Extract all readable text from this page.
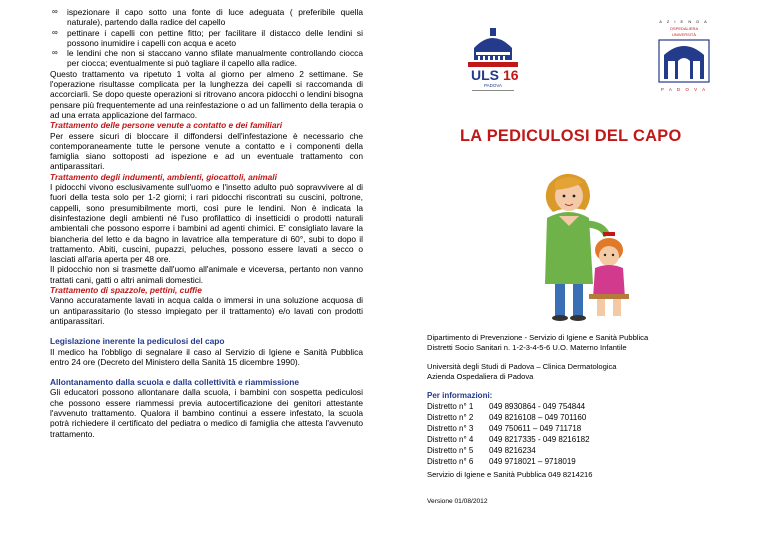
∞ ispezionare il capo sotto una fonte di luce adeguata ( preferibile quella naturale), partendo dalla radice del capello
∞ pettinare i capelli con pettine fitto; per facilitare il distacco delle lendini si possono inumidire i capelli con acqua e aceto
∞ le lendini che non si staccano vanno sfilate manualmente controllando ciocca per ciocca; eventualmente si può tagliare il capello alla radice.

Questo trattamento va ripetuto 1 volta al giorno per almeno 2 settimane. Se l'operazione risultasse complicata per la lunghezza dei capelli si raccomanda di accorciarli. Se dopo queste operazioni si ritrovano ancora pidocchi o lendini bisogna pensare più frequentemente ad una reinfestazione o ad un fallimento della terapia o ad una errata applicazione del farmaco.

Trattamento delle persone venute a contatto e dei familiari

Per essere sicuri di bloccare il diffondersi dell'infestazione è necessario che contemporaneamente tutte le persone venute a contatto e i componenti della famiglia siano sottoposti ad ispezione e ad un eventuale trattamento con antiparassitari.

Trattamento degli indumenti, ambienti, giocattoli, animali

I pidocchi vivono esclusivamente sull'uomo e l'insetto adulto può sopravvivere al di fuori della testa solo per 1-2 giorni; i rari pidocchi riscontrati su cuscini, poltrone, cappelli, sono presumibilmente morti, così pure le lendini. Non è indicata la disinfestazione degli ambienti né l'uso profilattico di insetticidi o prodotti naturali ambientali che possono esporre i bambini ad agenti chimici. E' consigliato lavare la biancheria del letto e da bagno in lavatrice alla temperature di 60°, subi to dopo il trattamento. Abiti, cuscini, pupazzi, peluches, possono essere lavati a secco o lasciati all'aria aperta per 48 ore.

Il pidocchio non si trasmette dall'uomo all'animale e viceversa, pertanto non vanno trattati cani, gatti o altri animali domestici.

Trattamento di spazzole, pettini, cuffie

Vanno accuratamente lavati in acqua calda o immersi in una soluzione acquosa di un antiparassitario (lo stesso impiegato per il trattamento) e/o lavati con prodotti antiparassitari.

Legislazione inerente la pediculosi del capo

Il medico ha l'obbligo di segnalare il caso al Servizio di Igiene e Sanità Pubblica entro 24 ore (Decreto del Ministero della Sanità 15 dicembre 1990).

Allontanamento dalla scuola e dalla collettività e riammissione

Gli educatori possono allontanare dalla scuola, i bambini con sospetta pediculosi che possono essere riammessi previa autocertificazione dei genitori attestante l'avvenuto trattamento. Qualora il bambino continui a essere infestato, la scuola potrà richiedere il certificato del pediatra o medico di famiglia che attesta l'avvenuto trattamento.

ULS 16
PADOVA
A Z I E N D A
OSPEDALIERA
UNIVERSITÀ
P A D O V A
LA PEDICULOSI DEL CAPO
Dipartimento di Prevenzione - Servizio di Igiene e Sanità Pubblica
Distretti Socio Sanitari n. 1-2-3-4-5-6 U.O. Materno Infantile
Università degli Studi di Padova – Clinica Dermatologica
Azienda Ospedaliera di Padova
Per informazioni:
Distretto n° 1	049 8930864 - 049 754844
Distretto n° 2	049 8216108 – 049 701160
Distretto n° 3	049 750611 – 049 711718
Distretto n° 4	049 8217335 - 049 8216182
Distretto n° 5	049 8216234
Distretto n° 6	049 9718021 – 9718019
Servizio di Igiene e Sanità Pubblica 049 8214216
Versione 01/08/2012
